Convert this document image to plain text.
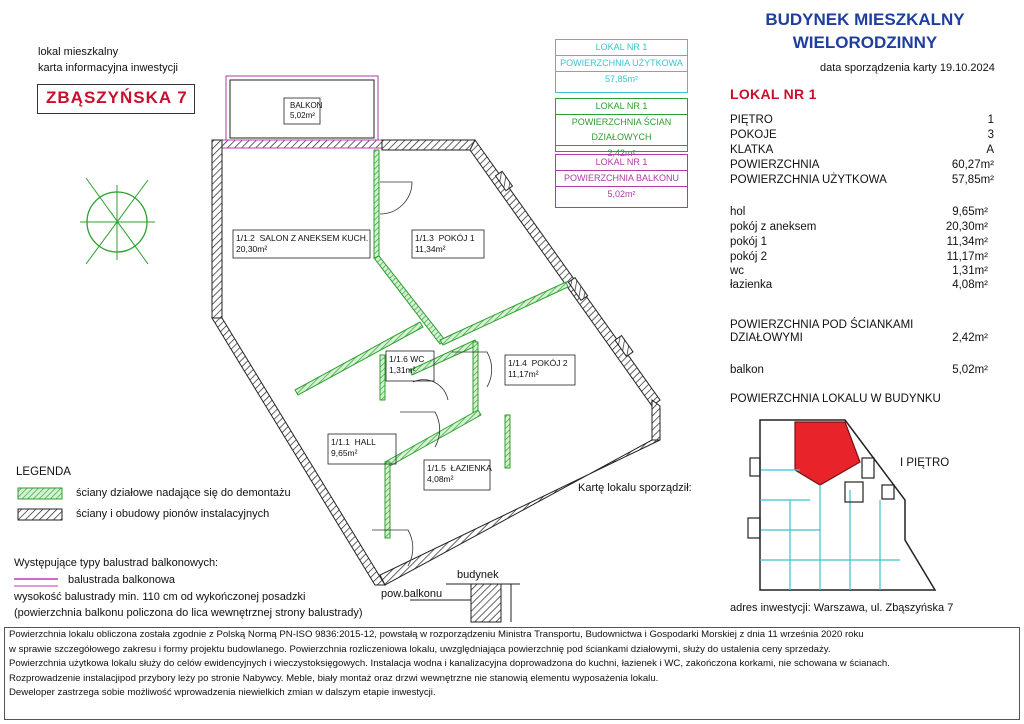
BUDYNEK MIESZKALNY
WIELORODZINNY
data sporządzenia karty 19.10.2024
LOKAL NR 1
lokal mieszkalny
karta informacyjna inwestycji
ZBĄSZYŃSKA 7
PIĘTRO	1
POKOJE	3
KLATKA	A
POWIERZCHNIA	60,27m²
POWIERZCHNIA UŻYTKOWA	57,85m²
hol	9,65m²
pokój z aneksem	20,30m²
pokój 1	11,34m²
pokój 2	11,17m²
wc	1,31m²
łazienka	4,08m²
POWIERZCHNIA POD ŚCIANKAMI
DZIAŁOWYMI	2,42m²
balkon	5,02m²
POWIERZCHNIA LOKALU W BUDYNKU
I PIĘTRO
Kartę lokalu sporządził:
adres inwestycji: Warszawa, ul. Zbąszyńska 7
LOKAL NR 1
POWIERZCHNIA UŻYTKOWA
57,85m²
LOKAL NR 1
POWIERZCHNIA ŚCIAN DZIAŁOWYCH
2,42m²
LOKAL NR 1
POWIERZCHNIA BALKONU
5,02m²
BALKON
5,02m²
1/1.2 SALON Z ANEKSEM KUCH.
20,30m²
1/1.3 POKÓJ 1
11,34m²
1/1.6 WC
1,31m²
1/1.4 POKÓJ 2
11,17m²
1/1.1 HALL
9,65m²
1/1.5 ŁAZIENKA
4,08m²
LEGENDA
ściany działowe nadające się do demontażu
ściany i obudowy pionów instalacyjnych
Występujące typy balustrad balkonowych:
balustrada balkonowa
wysokość balustrady min. 110 cm od wykończonej posadzki
(powierzchnia balkonu policzona do lica wewnętrznej strony balustrady)
budynek
pow.balkonu

Powierzchnia lokalu obliczona została zgodnie z Polską Normą PN-ISO 9836:2015-12, powstałą w rozporządzeniu Ministra Transportu, Budownictwa i Gospodarki Morskiej z dnia 11 września 2020 roku

w sprawie szczegółowego zakresu i formy projektu budowlanego. Powierzchnia rozliczeniowa lokalu, uwzględniająca powierzchnię pod ściankami działowymi, służy do ustalenia ceny sprzedaży.

Powierzchnia użytkowa lokalu służy do celów ewidencyjnych i wieczystoksięgowych. Instalacja wodna i kanalizacyjna doprowadzona do kuchni, łazienek i WC, zakończona korkami, nie schowana w ścianach.

Rozprowadzenie instalacjipod przybory leży po stronie Nabywcy. Meble, biały montaż oraz drzwi wewnętrzne nie stanowią elementu wyposażenia lokalu.

Deweloper zastrzega sobie możliwość wprowadzenia niewielkich zmian w dalszym etapie inwestycji.
